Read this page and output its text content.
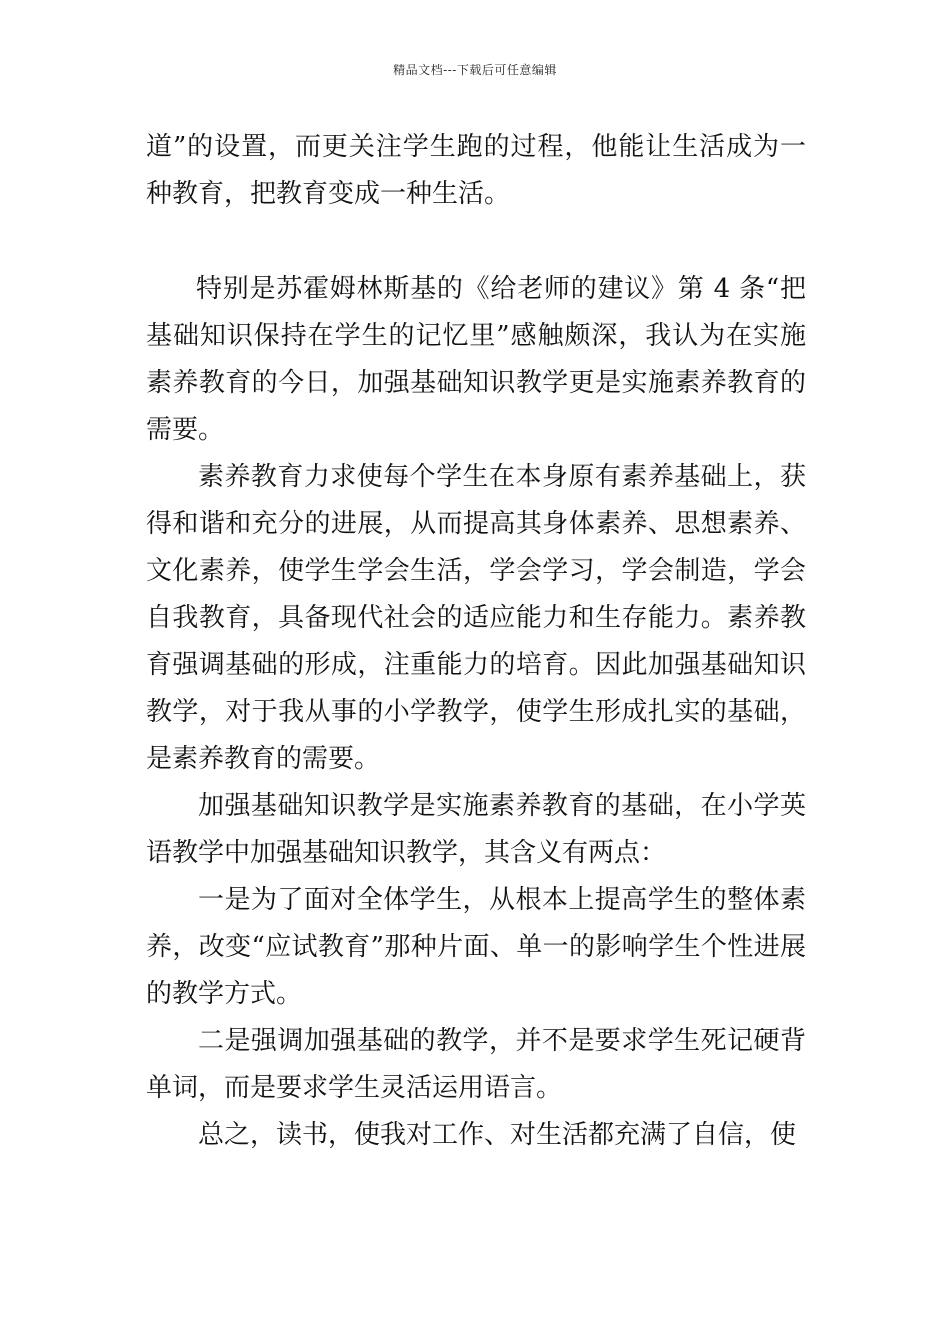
精品文档---下载后可任意编辑

道”的设置，而更关注学生跑的过程，他能让生活成为一种教育，把教育变成一种生活。

特别是苏霍姆林斯基的《给老师的建议》第 4 条“把基础知识保持在学生的记忆里”感触颇深，我认为在实施素养教育的今日，加强基础知识教学更是实施素养教育的需要。

素养教育力求使每个学生在本身原有素养基础上，获得和谐和充分的进展，从而提高其身体素养、思想素养、文化素养，使学生学会生活，学会学习，学会制造，学会自我教育，具备现代社会的适应能力和生存能力。素养教育强调基础的形成，注重能力的培育。因此加强基础知识教学，对于我从事的小学教学，使学生形成扎实的基础，是素养教育的需要。

加强基础知识教学是实施素养教育的基础，在小学英语教学中加强基础知识教学，其含义有两点：

一是为了面对全体学生，从根本上提高学生的整体素养，改变“应试教育”那种片面、单一的影响学生个性进展的教学方式。

二是强调加强基础的教学，并不是要求学生死记硬背单词，而是要求学生灵活运用语言。

总之，读书，使我对工作、对生活都充满了自信，使
